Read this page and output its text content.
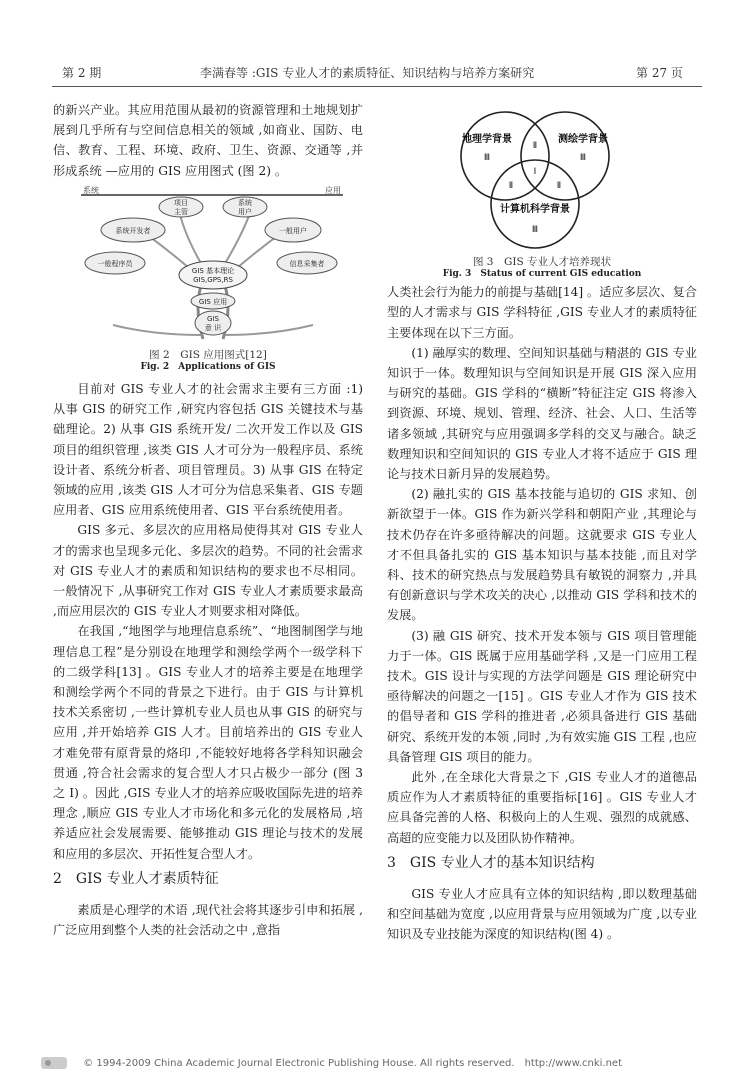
第 2 期	李满春等 :GIS 专业人才的素质特征、知识结构与培养方案研究	第 27 页

的新兴产业。其应用范围从最初的资源管理和土地规划扩展到几乎所有与空间信息相关的领域 ,如商业、国防、电信、教育、工程、环境、政府、卫生、资源、交通等 ,并形成系统 —应用的 GIS 应用图式 (图 2) 。

系统	应用
项目
主管
系统
用户
系统开发者	一般用户
一般程序员	信息采集者
GIS 基本理论
GIS,GPS,RS
GIS 应用
GIS
意 识
图 2　GIS 应用图式[12]
Fig. 2　Applications of GIS

目前对 GIS 专业人才的社会需求主要有三方面 :1) 从事 GIS 的研究工作 ,研究内容包括 GIS 关键技术与基础理论。2) 从事 GIS 系统开发/ 二次开发工作以及 GIS 项目的组织管理 ,该类 GIS 人才可分为一般程序员、系统设计者、系统分析者、项目管理员。3) 从事 GIS 在特定领域的应用 ,该类 GIS 人才可分为信息采集者、GIS 专题应用者、GIS 应用系统使用者、GIS 平台系统使用者。

GIS 多元、多层次的应用格局使得其对 GIS 专业人才的需求也呈现多元化、多层次的趋势。不同的社会需求对 GIS 专业人才的素质和知识结构的要求也不尽相同。一般情况下 ,从事研究工作对 GIS 专业人才素质要求最高 ,而应用层次的 GIS 专业人才则要求相对降低。

在我国 ,“地图学与地理信息系统”、“地图制图学与地理信息工程”是分别设在地理学和测绘学两个一级学科下的二级学科[13] 。GIS 专业人才的培养主要是在地理学和测绘学两个不同的背景之下进行。由于 GIS 与计算机技术关系密切 ,一些计算机专业人员也从事 GIS 的研究与应用 ,并开始培养 GIS 人才。目前培养出的 GIS 专业人才难免带有原背景的烙印 ,不能较好地将各学科知识融会贯通 ,符合社会需求的复合型人才只占极少一部分 (图 3 之 Ⅰ) 。因此 ,GIS 专业人才的培养应吸收国际先进的培养理念 ,顺应 GIS 专业人才市场化和多元化的发展格局 ,培养适应社会发展需要、能够推动 GIS 理论与技术的发展和应用的多层次、开拓性复合型人才。

2　GIS 专业人才素质特征

素质是心理学的术语 ,现代社会将其逐步引申和拓展 ,广泛应用到整个人类的社会活动之中 ,意指

地理学背景	测绘学背景
计算机科学背景
Ⅲ	Ⅲ
Ⅲ
Ⅱ
Ⅱ	Ⅱ
Ⅰ
图 3　GIS 专业人才培养现状
Fig. 3　Status of current GIS education

人类社会行为能力的前提与基础[14] 。适应多层次、复合型的人才需求与 GIS 学科特征 ,GIS 专业人才的素质特征主要体现在以下三方面。

(1) 融厚实的数理、空间知识基础与精湛的 GIS 专业知识于一体。数理知识与空间知识是开展 GIS 深入应用与研究的基础。GIS 学科的“横断”特征注定 GIS 将渗入到资源、环境、规划、管理、经济、社会、人口、生活等诸多领域 ,其研究与应用强调多学科的交叉与融合。缺乏数理知识和空间知识的 GIS 专业人才将不适应于 GIS 理论与技术日新月异的发展趋势。

(2) 融扎实的 GIS 基本技能与追切的 GIS 求知、创新欲望于一体。GIS 作为新兴学科和朝阳产业 ,其理论与技术仍存在许多亟待解决的问题。这就要求 GIS 专业人才不但具备扎实的 GIS 基本知识与基本技能 ,而且对学科、技术的研究热点与发展趋势具有敏锐的洞察力 ,并具有创新意识与学术攻关的决心 ,以推动 GIS 学科和技术的发展。

(3) 融 GIS 研究、技术开发本领与 GIS 项目管理能力于一体。GIS 既属于应用基础学科 ,又是一门应用工程技术。GIS 设计与实现的方法学问题是 GIS 理论研究中亟待解决的问题之一[15] 。GIS 专业人才作为 GIS 技术的倡导者和 GIS 学科的推进者 ,必须具备进行 GIS 基础研究、系统开发的本领 ,同时 ,为有效实施 GIS 工程 ,也应具备管理 GIS 项目的能力。

此外 ,在全球化大背景之下 ,GIS 专业人才的道德品质应作为人才素质特征的重要指标[16] 。GIS 专业人才应具备完善的人格、积极向上的人生观、强烈的成就感、高超的应变能力以及团队协作精神。

3　GIS 专业人才的基本知识结构

GIS 专业人才应具有立体的知识结构 ,即以数理基础和空间基础为宽度 ,以应用背景与应用领域为广度 ,以专业知识及专业技能为深度的知识结构(图 4) 。

© 1994-2009 China Academic Journal Electronic Publishing House. All rights reserved.　http://www.cnki.net
